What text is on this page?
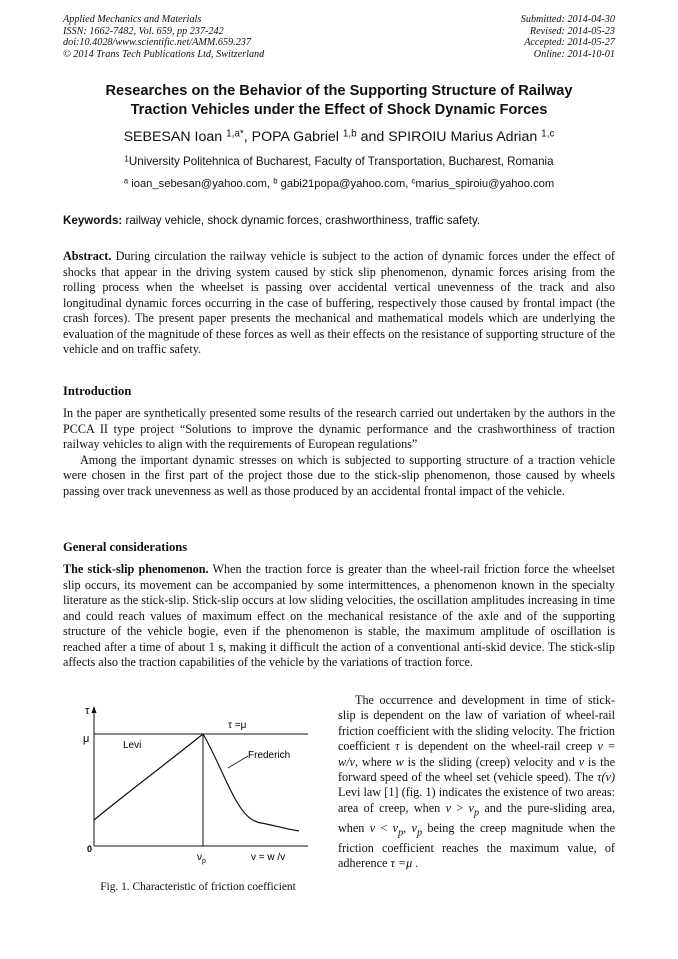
Applied Mechanics and Materials
ISSN: 1662-7482, Vol. 659, pp 237-242
doi:10.4028/www.scientific.net/AMM.659.237
© 2014 Trans Tech Publications Ltd, Switzerland
Submitted: 2014-04-30
Revised: 2014-05-23
Accepted: 2014-05-27
Online: 2014-10-01
Researches on the Behavior of the Supporting Structure of Railway
Traction Vehicles under the Effect of Shock Dynamic Forces
SEBESAN Ioan $^{1,a*}$, POPA Gabriel $^{1,b}$ and SPIROIU Marius Adrian $^{1,c}$
$^1$University Politehnica of Bucharest, Faculty of Transportation, Bucharest, Romania
$^a$ ioan_sebesan@yahoo.com, $^b$ gabi21popa@yahoo.com, $^c$marius_spiroiu@yahoo.com
Keywords: railway vehicle, shock dynamic forces, crashworthiness, traffic safety.
Abstract. During circulation the railway vehicle is subject to the action of dynamic forces under the effect of shocks that appear in the driving system caused by stick slip phenomenon, dynamic forces arising from the rolling process when the wheelset is passing over accidental vertical unevenness of the track and also longitudinal dynamic forces occurring in the case of buffering, respectively those caused by frontal impact (the crash forces). The present paper presents the mechanical and mathematical models which are underlying the evaluation of the magnitude of these forces as well as their effects on the resistance of supporting structure of the vehicle and on traffic safety.
Introduction
In the paper are synthetically presented some results of the research carried out undertaken by the authors in the PCCA II type project “Solutions to improve the dynamic performance and the crashworthiness of traction railway vehicles to align with the requirements of European regulations”
Among the important dynamic stresses on which is subjected to supporting structure of a traction vehicle were chosen in the first part of the project those due to the stick-slip phenomenon, those caused by wheels passing over track unevenness as well as those produced by an accidental frontal impact of the vehicle.
General considerations
The stick-slip phenomenon. When the traction force is greater than the wheel-rail friction force the wheelset slip occurs, its movement can be accompanied by some intermittences, a phenomenon known in the specialty literature as the stick-slip. Stick-slip occurs at low sliding velocities, the oscillation amplitudes increasing in time and could reach values of maximum effect on the mechanical resistance of the axle and of the supporting structure of the vehicle bogie, even if the phenomenon is stable, the maximum amplitude of oscillation is reached after a time of about 1 s, making it difficult the action of a conventional anti-skid device. The stick-slip affects also the traction capabilities of the vehicle by the variations of traction force.
The occurrence and development in time of stick-slip is dependent on the law of variation of wheel-rail friction coefficient with the sliding velocity. The friction coefficient τ is dependent on the wheel-rail creep ν = w/v, where w is the sliding (creep) velocity and v is the forward speed of the wheel set (vehicle speed). The τ(ν) Levi law [1] (fig. 1) indicates the existence of two areas: area of creep, when $\nu > \nu_p$ and the pure-sliding area, when $\nu < \nu_p$, $\nu_p$ being the creep magnitude when the friction coefficient reaches the maximum value, of adherence τ =μ .
τ
μ
τ =μ
Levi
Frederich
0
$\nu_p$	ν = w /v
Fig. 1. Characteristic of friction coefficient
